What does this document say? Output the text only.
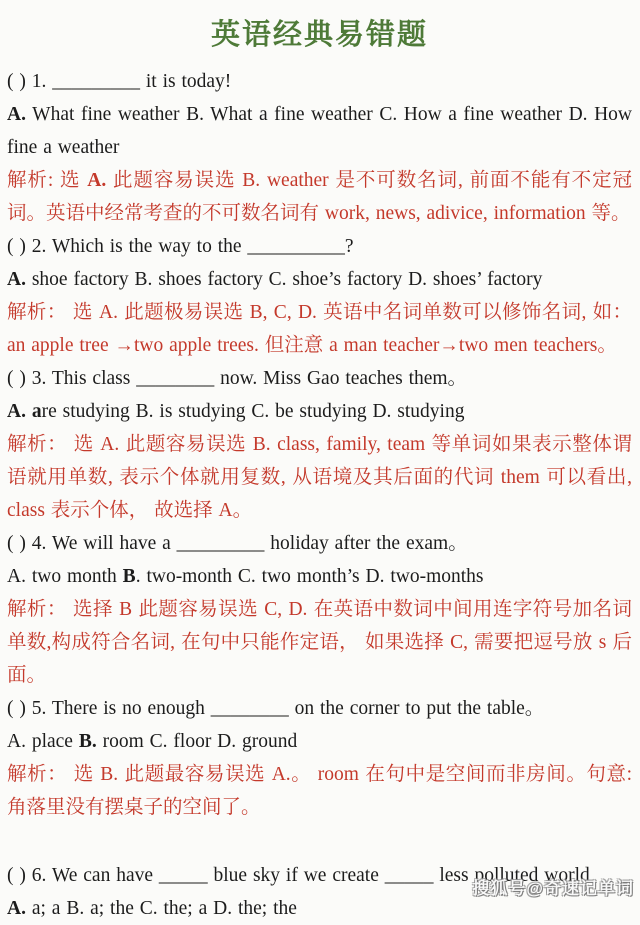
英语经典易错题

( ) 1. _________ it is today!

A. What fine weather B. What a fine weather C. How a fine weather D. How fine a weather

解析: 选 A. 此题容易误选 B. weather 是不可数名词, 前面不能有不定冠词。英语中经常考查的不可数名词有 work, news, adivice, information 等。

( ) 2. Which is the way to the __________?

A. shoe factory B. shoes factory C. shoe’s factory D. shoes’ factory

解析： 选 A. 此题极易误选 B, C, D. 英语中名词单数可以修饰名词, 如： an apple tree →two apple trees. 但注意 a man teacher→two men teachers。

( ) 3. This class ________ now. Miss Gao teaches them。

A. are studying B. is studying C. be studying D. studying

解析： 选 A. 此题容易误选 B. class, family, team 等单词如果表示整体谓语就用单数, 表示个体就用复数, 从语境及其后面的代词 them 可以看出, class 表示个体， 故选择 A。

( ) 4. We will have a _________ holiday after the exam。

A. two month B. two-month C. two month’s D. two-months

解析： 选择 B 此题容易误选 C, D. 在英语中数词中间用连字符号加名词单数,构成符合名词, 在句中只能作定语， 如果选择 C, 需要把逗号放 s 后面。

( ) 5. There is no enough ________ on the corner to put the table。

A. place B. room C. floor D. ground

解析： 选 B. 此题最容易误选 A.。 room 在句中是空间而非房间。句意: 角落里没有摆桌子的空间了。

( ) 6. We can have _____ blue sky if we create _____ less polluted world

A. a; a B. a; the C. the; a D. the; the

搜狐号@奇速记单词
